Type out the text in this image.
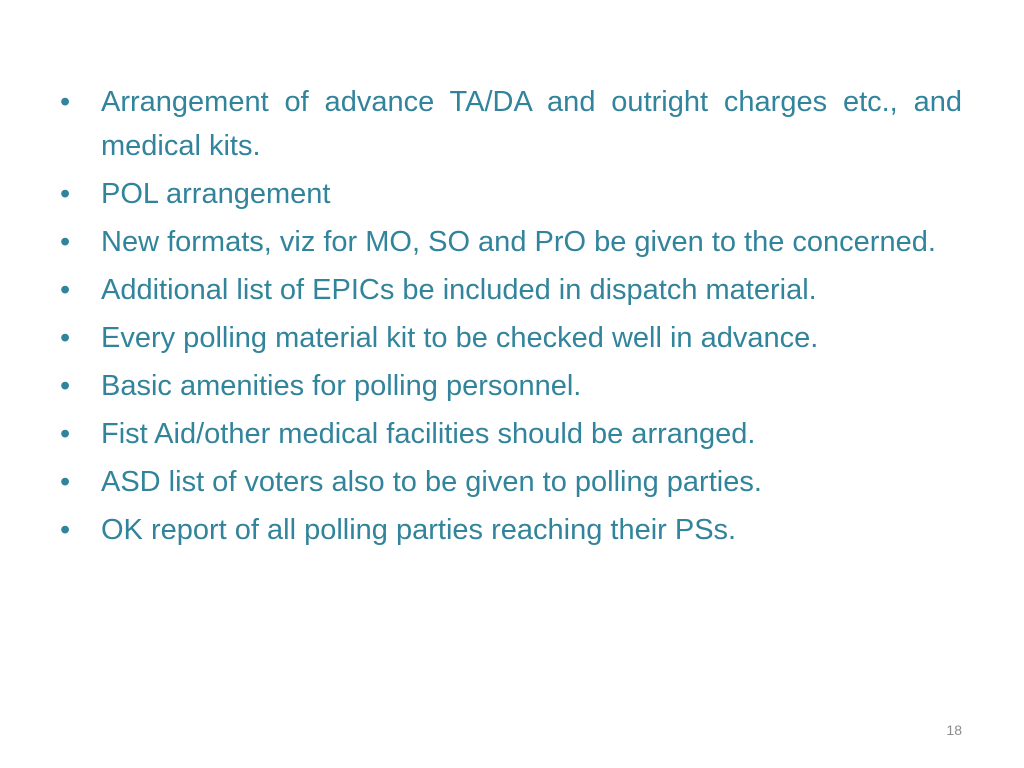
•	Arrangement of advance TA/DA and outright charges etc., and medical kits.
•	POL arrangement
•	New formats, viz for MO, SO and PrO be given to the concerned.
•	Additional list of EPICs be included in dispatch material.
•	Every polling material kit to be checked well in advance.
•	Basic amenities for polling personnel.
•	Fist Aid/other medical facilities should be arranged.
•	ASD list of voters also to be given to polling parties.
•	OK report of all polling parties reaching their PSs.
18
